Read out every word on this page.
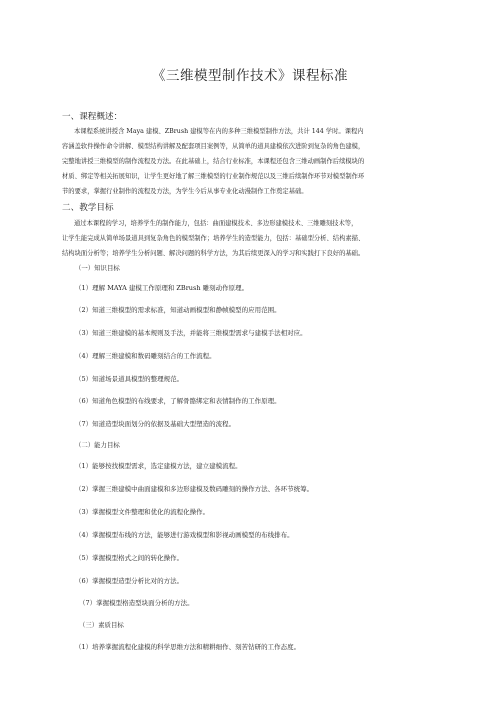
《三维模型制作技术》课程标准
一、课程概述：
本课程系统讲授含 Maya 建模、ZBrush 建模等在内的多种三维模型制作方法，共计 144 学时。课程内
容涵盖软件操作命令讲解、模型结构讲解及配套项目案例等，从简单的道具建模依次进阶到复杂的角色建模，
完整地讲授三维模型的制作流程及方法。在此基础上，结合行业标准，本课程还包含三维动画制作后续模块的
材质、绑定等相关拓展知识，让学生更好地了解三维模型的行业制作规范以及三维后续制作环节对模型制作环
节的要求，掌握行业制作的流程及方法，为学生今后从事专业化动漫制作工作奠定基础。
二、教学目标
通过本课程的学习，培养学生的制作能力，包括：曲面建模技术、多边形建模技术、三维雕刻技术等，
让学生能完成从简单场景道具到复杂角色的模型制作；培养学生的造型能力，包括：基础型分析、结构素描、
结构块面分析等；培养学生分析问题、解决问题的科学方法，为其后续更深入的学习和实践打下良好的基础。
（一）知识目标
（1）理解 MAYA 建模工作原理和 ZBrush 雕刻动作原理。
（2）知道三维模型的需求标准，知道动画模型和静帧模型的应用范围。
（3）知道三维建模的基本规则及手法，并能将三维模型需求与建模手法相对应。
（4）理解三维建模和数码雕刻结合的工作流程。
（5）知道场景道具模型的整理规范。
（6）知道角色模型的布线要求，了解骨骼绑定和表情制作的工作原理。
（7）知道造型块面划分的依据及基础大型塑造的流程。
（二）能力目标
（1）能够按找模型需求，选定建模方法，建立建模流程。
（2）掌握三维建模中曲面建模和多边形建模及数码雕刻的操作方法、各环节统筹。
（3）掌握模型文件整理和优化的流程化操作。
（4）掌握模型布线的方法，能够进行游戏模型和影视动画模型的布线排布。
（5）掌握模型格式之间的转化操作。
（6）掌握模型造型分析比对的方法。
（7）掌握模型格造型块面分析的方法。
（三）素质目标
（1）培养掌握流程化建模的科学思维方法和精耕细作、刻苦钻研的工作态度。
